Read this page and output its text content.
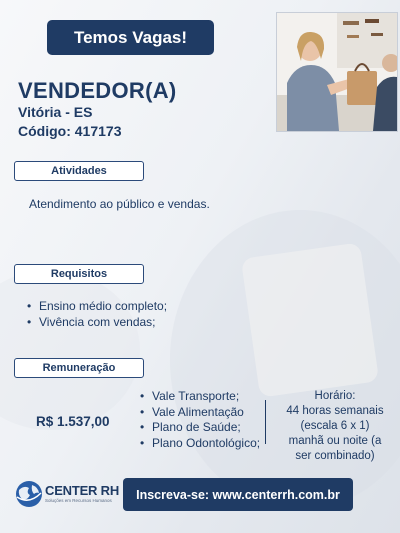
Temos Vagas!
VENDEDOR(A)
Vitória - ES
Código: 417173
Atividades
Atendimento ao público e vendas.
Requisitos
• Ensino médio completo;
• Vivência com vendas;
Remuneração
R$ 1.537,00
• Vale Transporte;
• Vale Alimentação
• Plano de Saúde;
• Plano Odontológico;
Horário:
44 horas semanais
(escala 6 x 1)
manhã ou noite (a
ser combinado)
CENTER RH
Soluções em Recursos Humanos Inscreva-se: www.centerrh.com.br
